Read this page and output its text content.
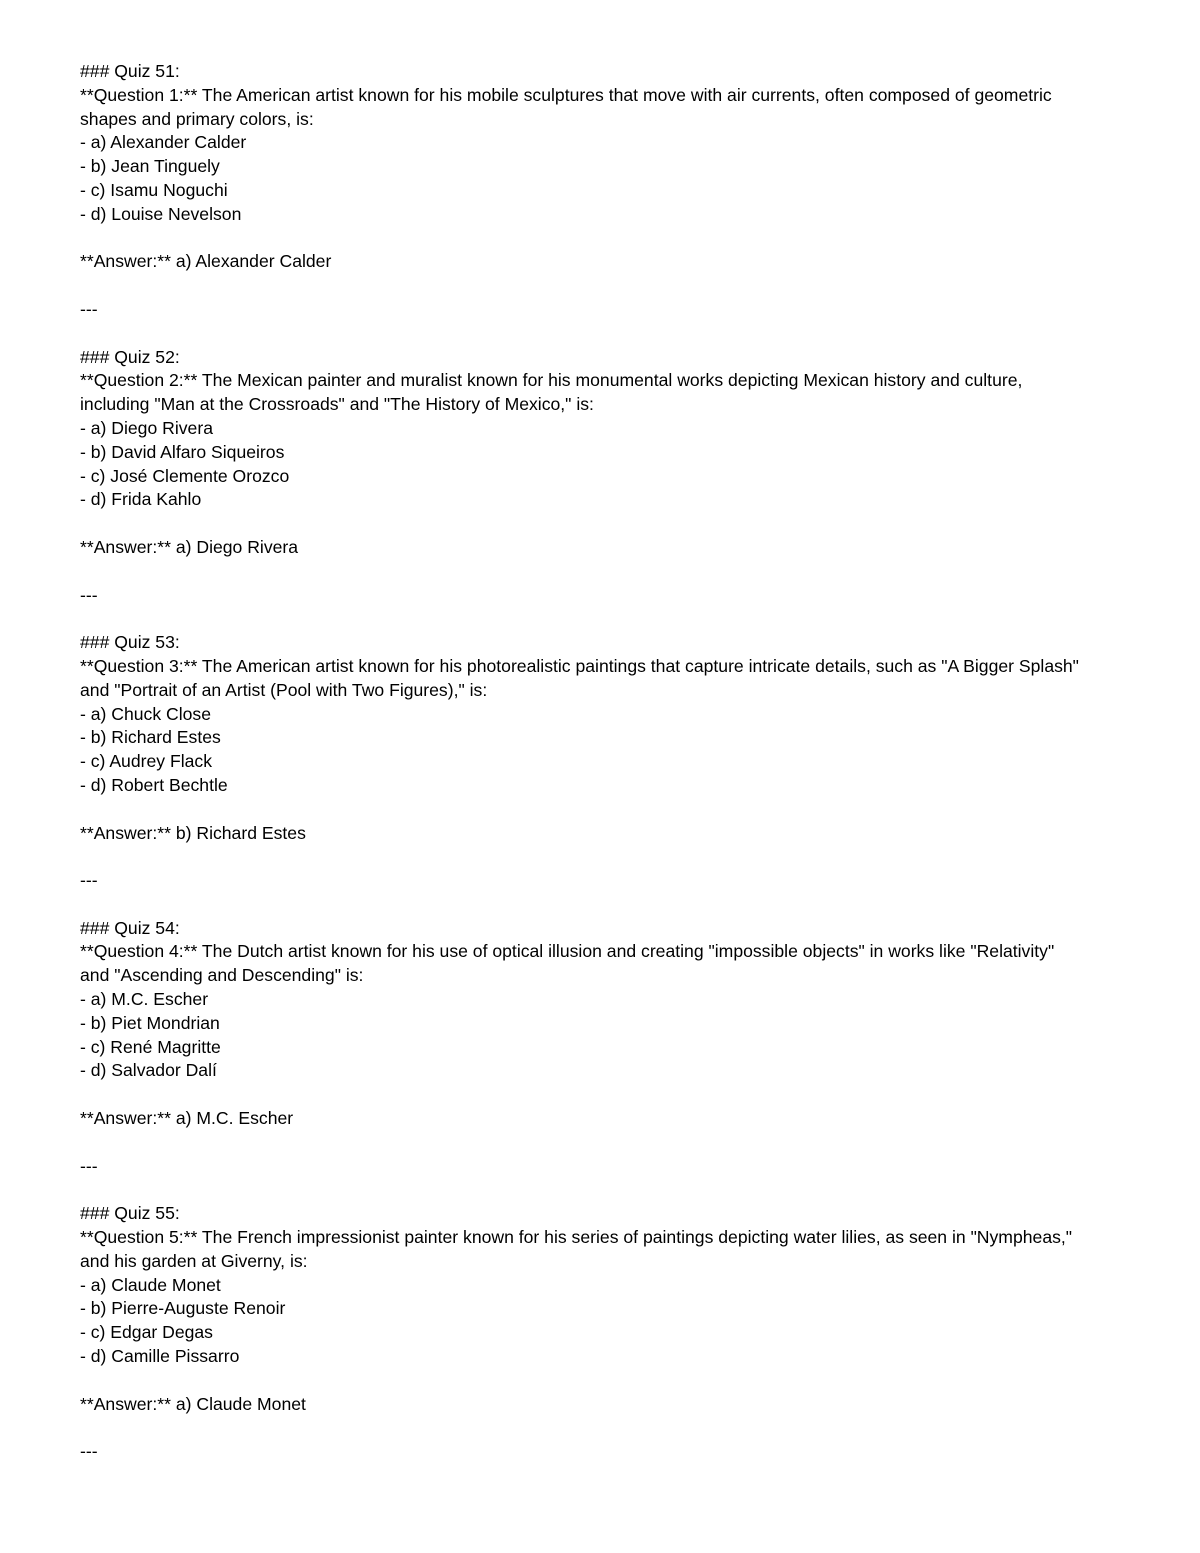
### Quiz 51:
**Question 1:** The American artist known for his mobile sculptures that move with air currents, often composed of geometric shapes and primary colors, is:
- a) Alexander Calder
- b) Jean Tinguely
- c) Isamu Noguchi
- d) Louise Nevelson
**Answer:** a) Alexander Calder
---
### Quiz 52:
**Question 2:** The Mexican painter and muralist known for his monumental works depicting Mexican history and culture, including "Man at the Crossroads" and "The History of Mexico," is:
- a) Diego Rivera
- b) David Alfaro Siqueiros
- c) José Clemente Orozco
- d) Frida Kahlo
**Answer:** a) Diego Rivera
---
### Quiz 53:
**Question 3:** The American artist known for his photorealistic paintings that capture intricate details, such as "A Bigger Splash" and "Portrait of an Artist (Pool with Two Figures)," is:
- a) Chuck Close
- b) Richard Estes
- c) Audrey Flack
- d) Robert Bechtle
**Answer:** b) Richard Estes
---
### Quiz 54:
**Question 4:** The Dutch artist known for his use of optical illusion and creating "impossible objects" in works like "Relativity" and "Ascending and Descending" is:
- a) M.C. Escher
- b) Piet Mondrian
- c) René Magritte
- d) Salvador Dalí
**Answer:** a) M.C. Escher
---
### Quiz 55:
**Question 5:** The French impressionist painter known for his series of paintings depicting water lilies, as seen in "Nympheas," and his garden at Giverny, is:
- a) Claude Monet
- b) Pierre-Auguste Renoir
- c) Edgar Degas
- d) Camille Pissarro
**Answer:** a) Claude Monet
---
